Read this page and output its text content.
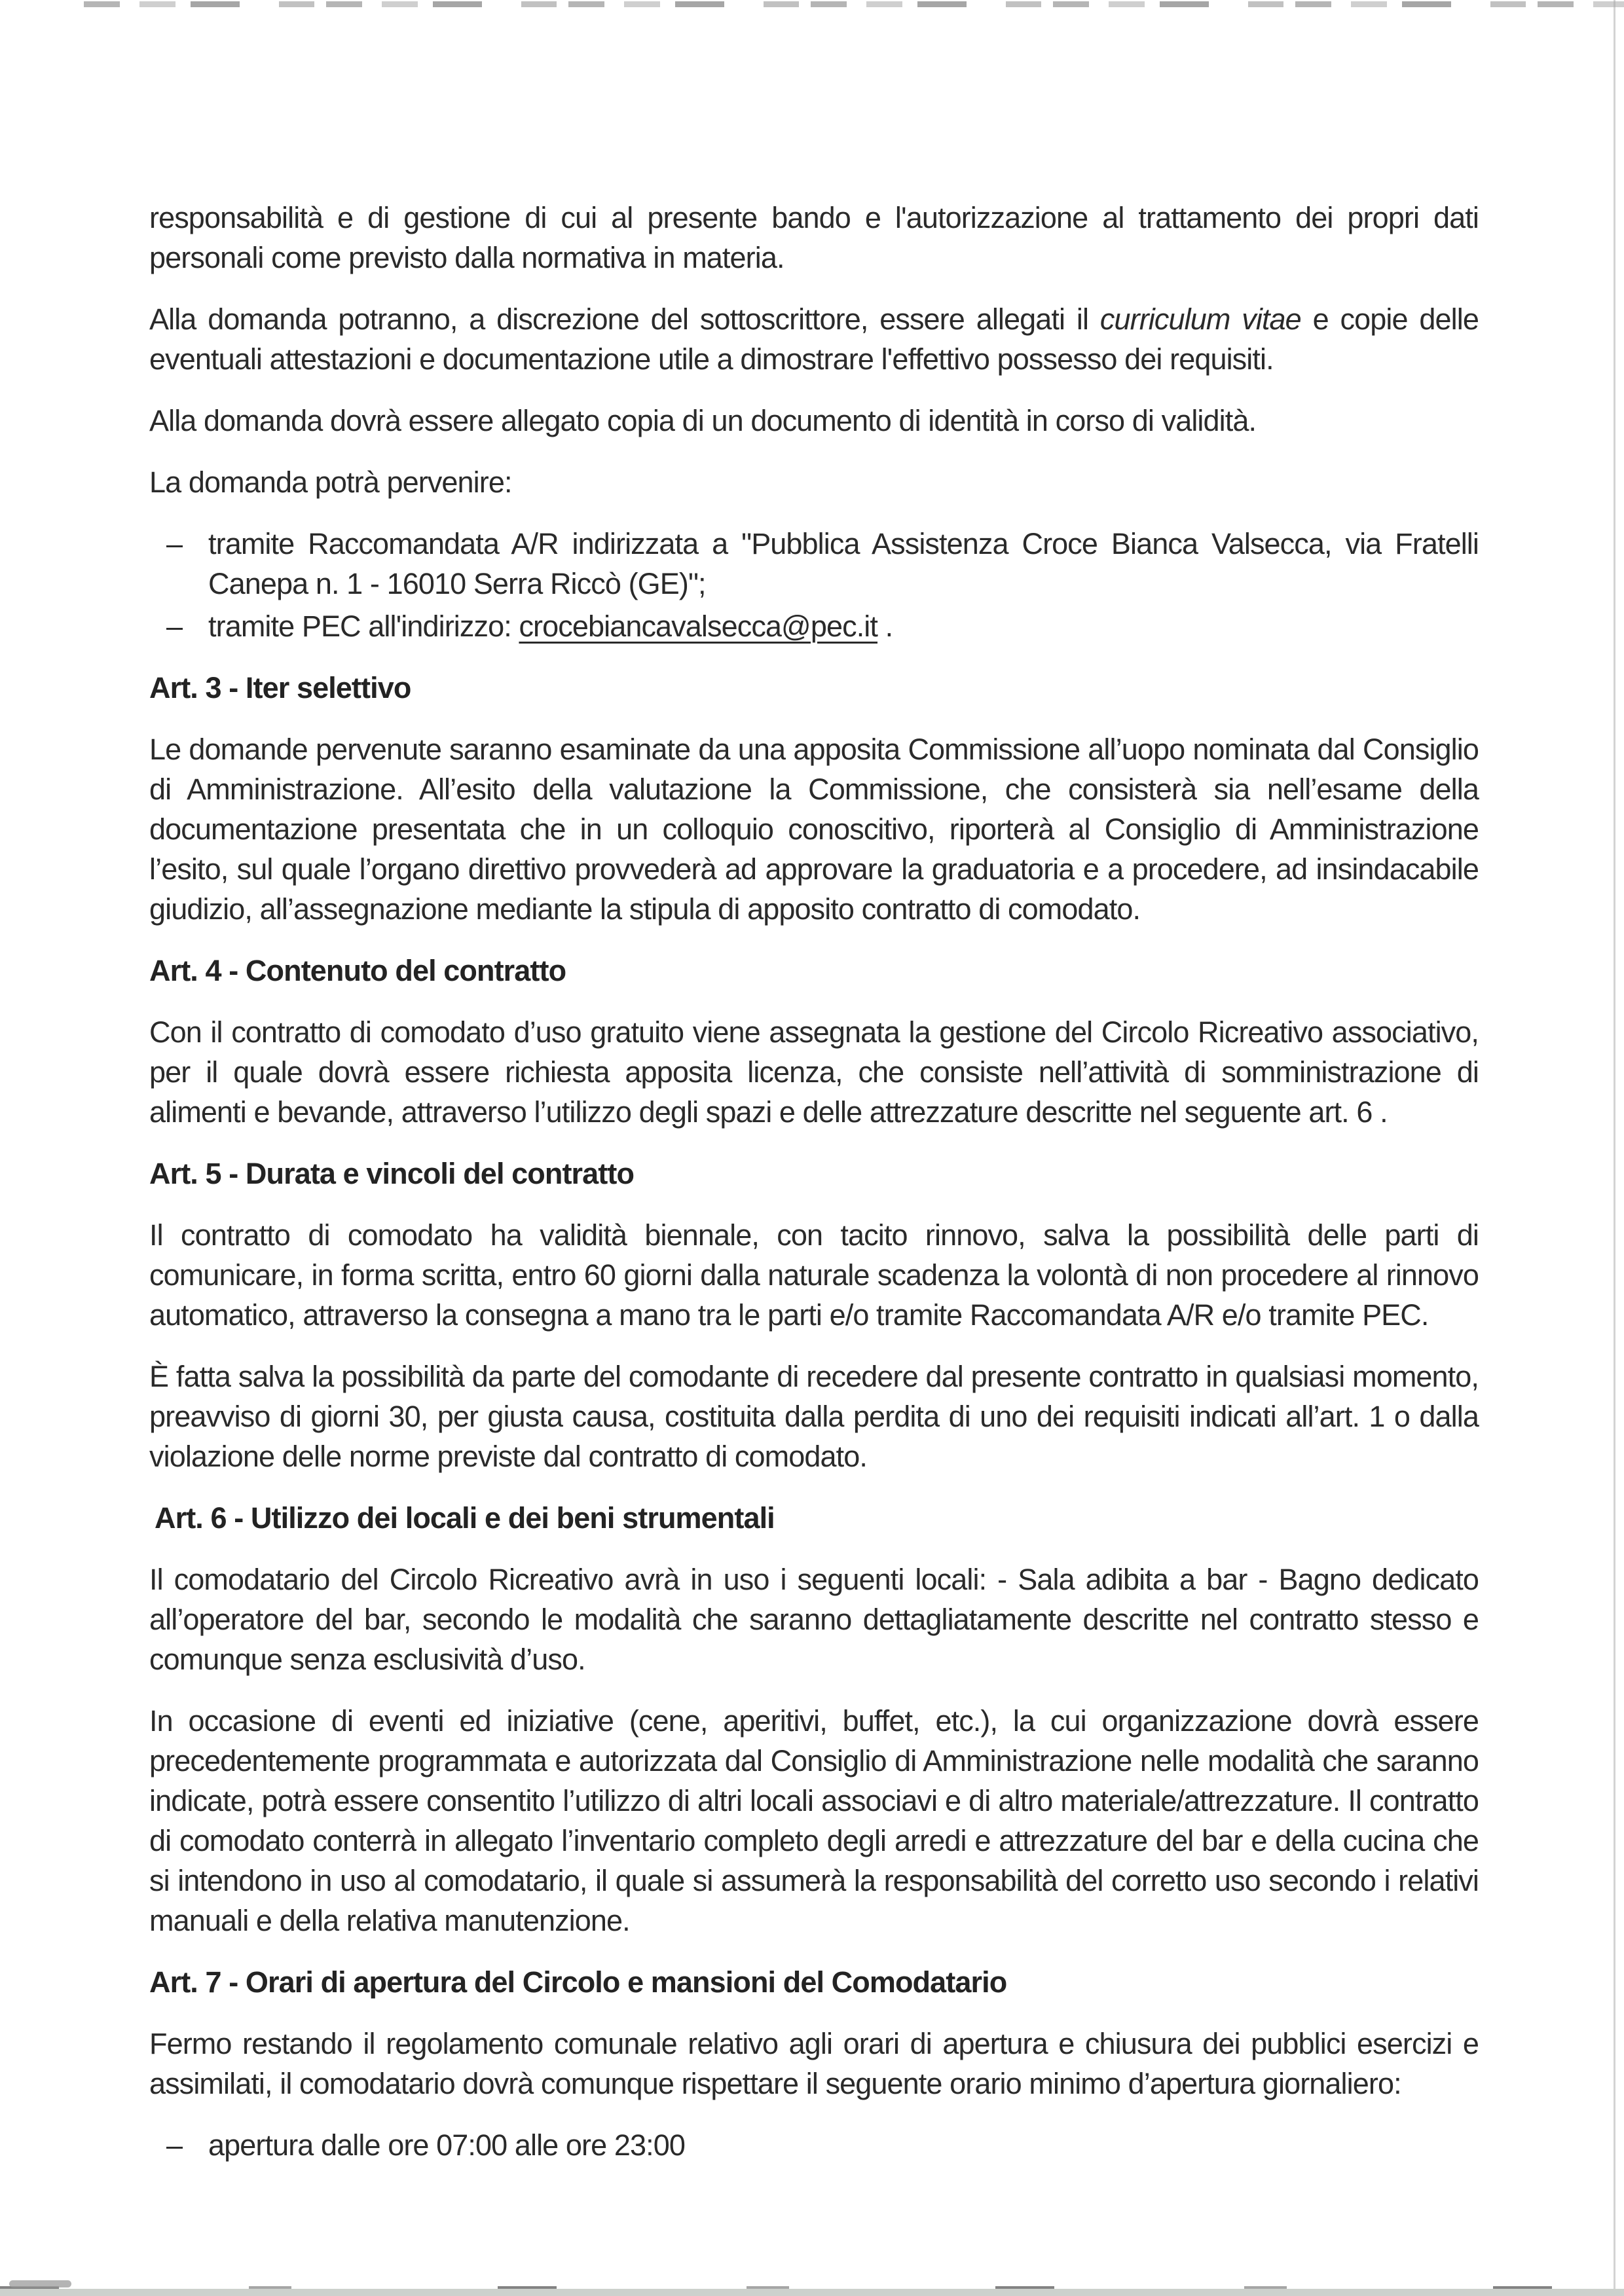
responsabilità e di gestione di cui al presente bando e l'autorizzazione al trattamento dei propri dati personali come previsto dalla normativa in materia.

Alla domanda potranno, a discrezione del sottoscrittore, essere allegati il curriculum vitae e copie delle eventuali attestazioni e documentazione utile a dimostrare l'effettivo possesso dei requisiti.

Alla domanda dovrà essere allegato copia di un documento di identità in corso di validità.

La domanda potrà pervenire:

– tramite Raccomandata A/R indirizzata a "Pubblica Assistenza Croce Bianca Valsecca, via Fratelli Canepa n. 1 - 16010 Serra Riccò (GE)";
– tramite PEC all'indirizzo: crocebiancavalsecca@pec.it .
Art. 3 - Iter selettivo

Le domande pervenute saranno esaminate da una apposita Commissione all’uopo nominata dal Consiglio di Amministrazione. All’esito della valutazione la Commissione, che consisterà sia nell’esame della documentazione presentata che in un colloquio conoscitivo, riporterà al Consiglio di Amministrazione l’esito, sul quale l’organo direttivo provvederà ad approvare la graduatoria e a procedere, ad insindacabile giudizio, all’assegnazione mediante la stipula di apposito contratto di comodato.

Art. 4 - Contenuto del contratto

Con il contratto di comodato d’uso gratuito viene assegnata la gestione del Circolo Ricreativo associativo, per il quale dovrà essere richiesta apposita licenza, che consiste nell’attività di somministrazione di alimenti e bevande, attraverso l’utilizzo degli spazi e delle attrezzature descritte nel seguente art. 6 .

Art. 5 - Durata e vincoli del contratto

Il contratto di comodato ha validità biennale, con tacito rinnovo, salva la possibilità delle parti di comunicare, in forma scritta, entro 60 giorni dalla naturale scadenza la volontà di non procedere al rinnovo automatico, attraverso la consegna a mano tra le parti e/o tramite Raccomandata A/R e/o tramite PEC.

È fatta salva la possibilità da parte del comodante di recedere dal presente contratto in qualsiasi momento, preavviso di giorni 30, per giusta causa, costituita dalla perdita di uno dei requisiti indicati all’art. 1 o dalla violazione delle norme previste dal contratto di comodato.

Art. 6 - Utilizzo dei locali e dei beni strumentali

Il comodatario del Circolo Ricreativo avrà in uso i seguenti locali: - Sala adibita a bar - Bagno dedicato all’operatore del bar, secondo le modalità che saranno dettagliatamente descritte nel contratto stesso e comunque senza esclusività d’uso.

In occasione di eventi ed iniziative (cene, aperitivi, buffet, etc.), la cui organizzazione dovrà essere precedentemente programmata e autorizzata dal Consiglio di Amministrazione nelle modalità che saranno indicate, potrà essere consentito l’utilizzo di altri locali associavi e di altro materiale/attrezzature. Il contratto di comodato conterrà in allegato l’inventario completo degli arredi e attrezzature del bar e della cucina che si intendono in uso al comodatario, il quale si assumerà la responsabilità del corretto uso secondo i relativi manuali e della relativa manutenzione.

Art. 7 - Orari di apertura del Circolo e mansioni del Comodatario

Fermo restando il regolamento comunale relativo agli orari di apertura e chiusura dei pubblici esercizi e assimilati, il comodatario dovrà comunque rispettare il seguente orario minimo d’apertura giornaliero:

– apertura dalle ore 07:00 alle ore 23:00
